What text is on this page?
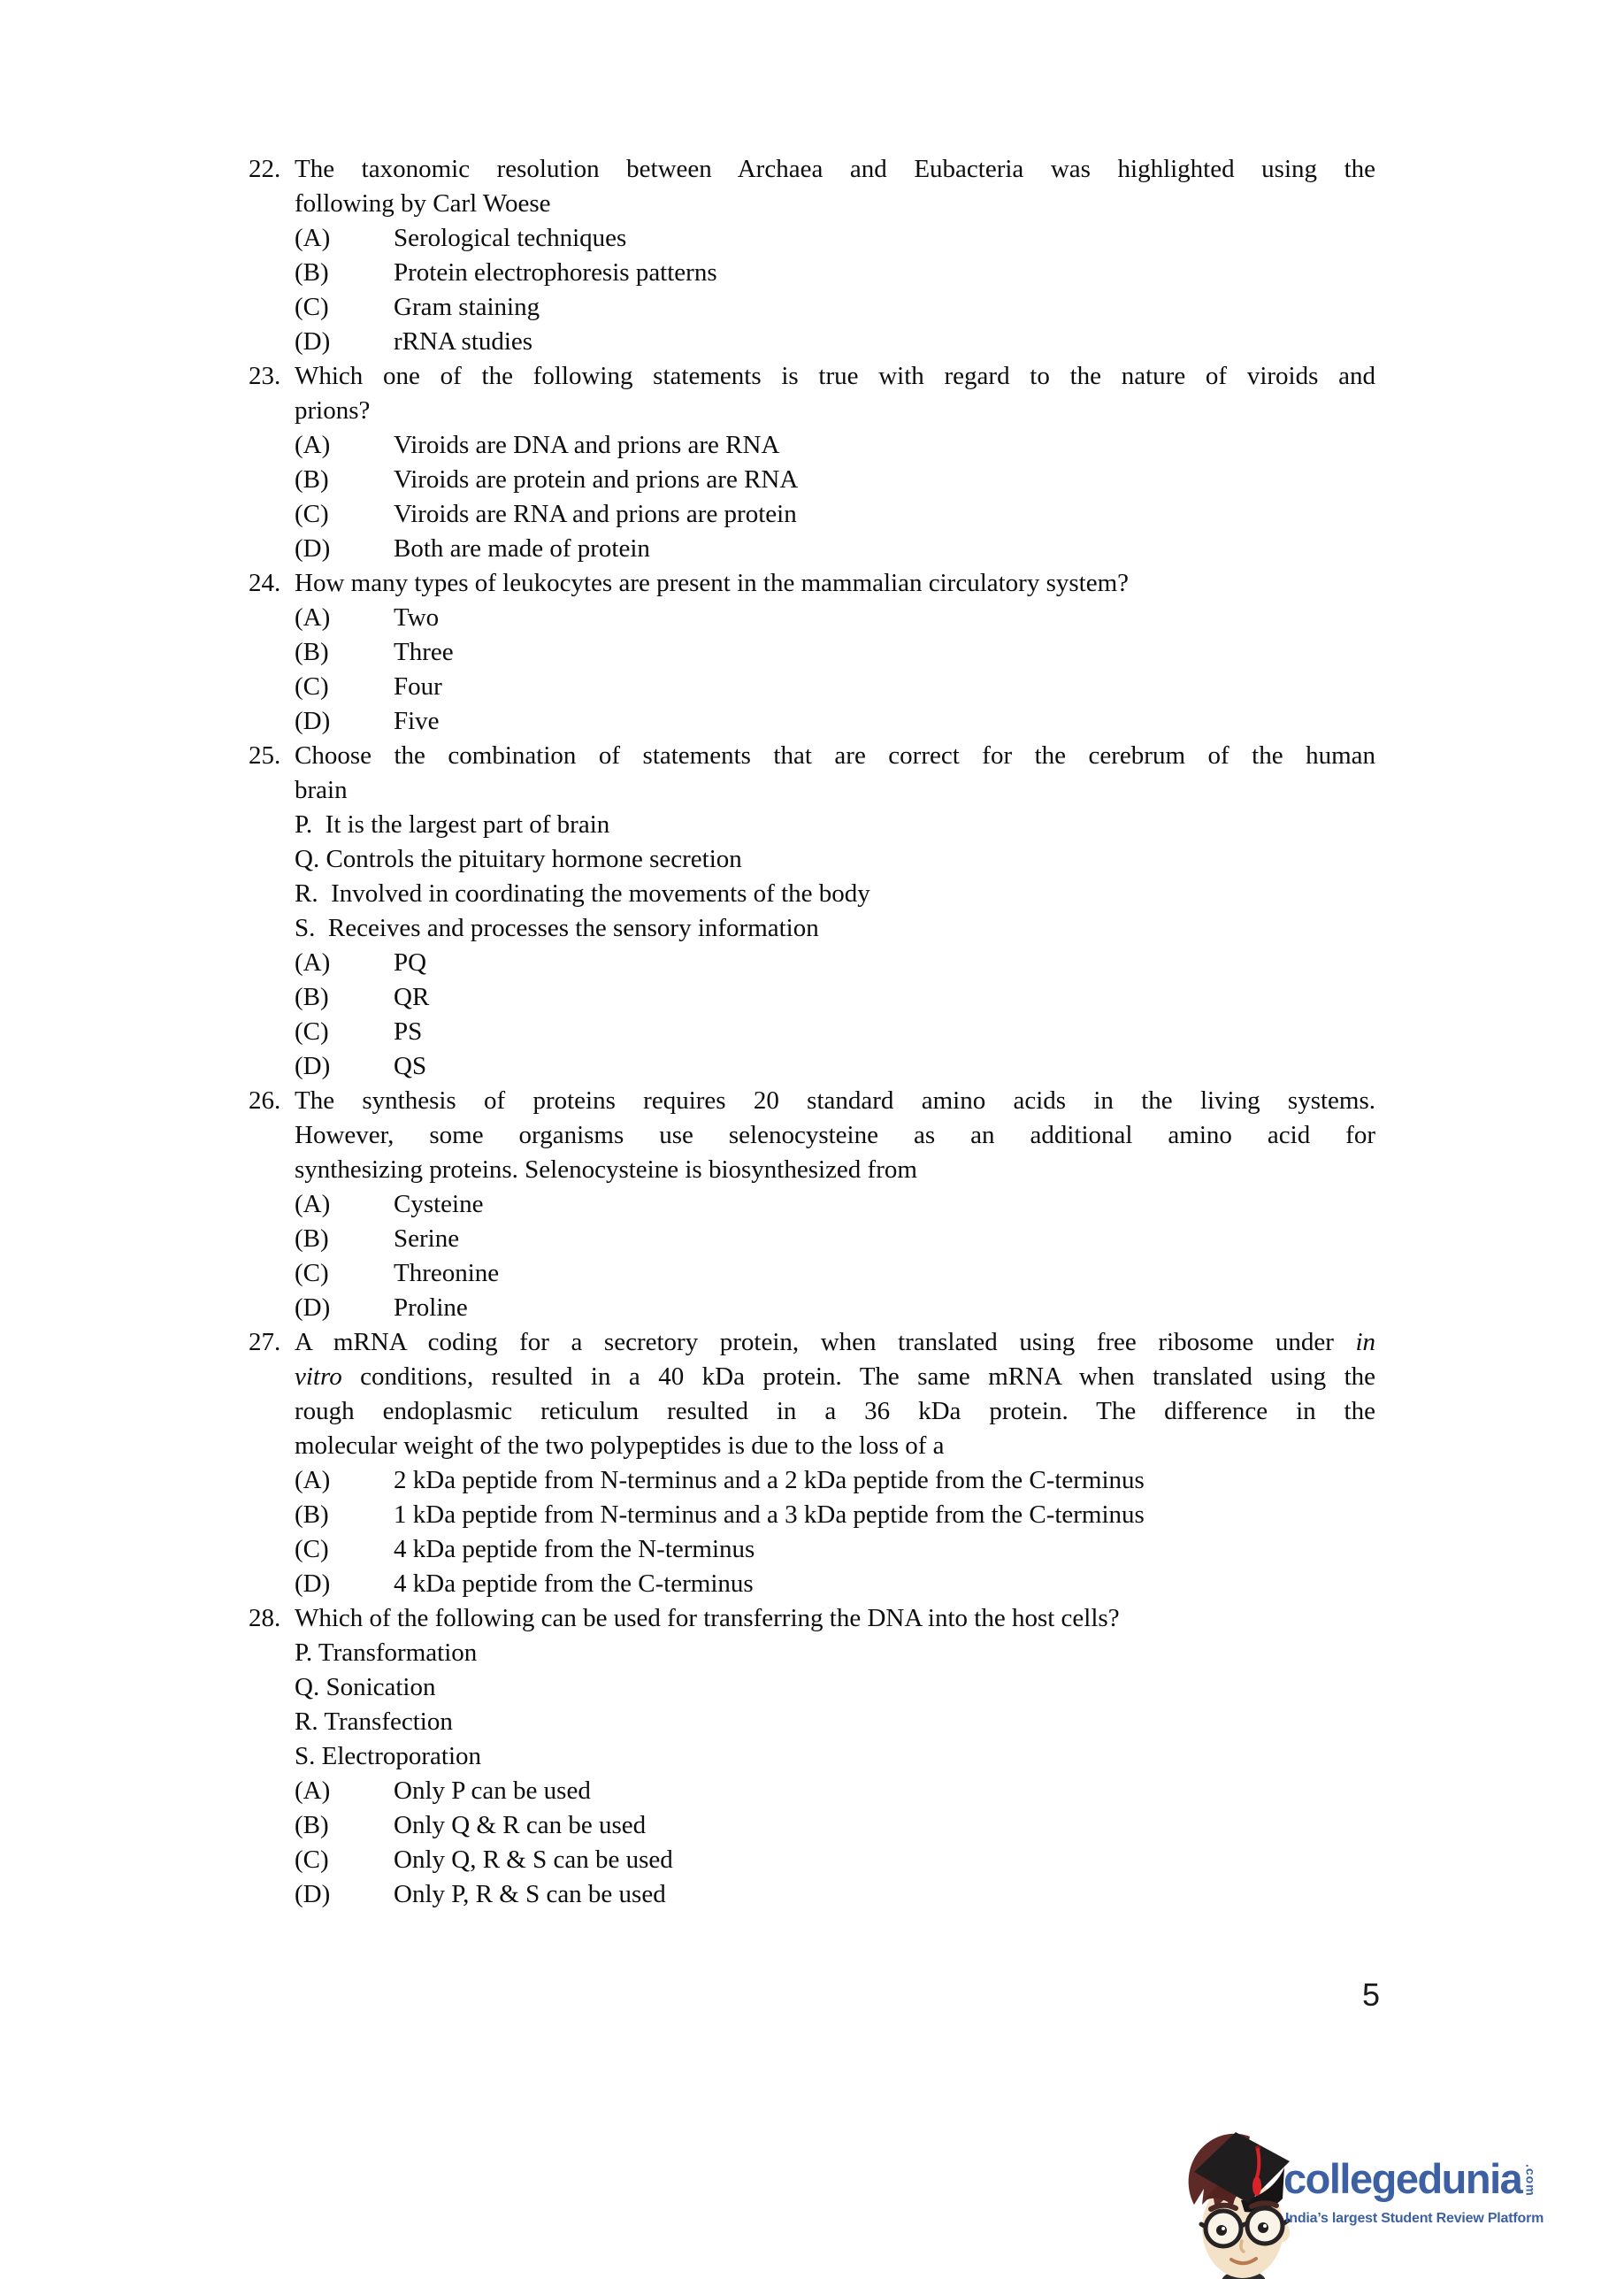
22. The taxonomic resolution between Archaea and Eubacteria was highlighted using the
following by Carl Woese
(A)	Serological techniques
(B)	Protein electrophoresis patterns
(C)	Gram staining
(D)	rRNA studies
23. Which one of the following statements is true with regard to the nature of viroids and
prions?
(A)	Viroids are DNA and prions are RNA
(B)	Viroids are protein and prions are RNA
(C)	Viroids are RNA and prions are protein
(D)	Both are made of protein
24. How many types of leukocytes are present in the mammalian circulatory system?
(A)	Two
(B)	Three
(C)	Four
(D)	Five
25. Choose the combination of statements that are correct for the cerebrum of the human
brain
P.  It is the largest part of brain
Q. Controls the pituitary hormone secretion
R.  Involved in coordinating the movements of the body
S.  Receives and processes the sensory information
(A)	PQ
(B)	QR
(C)	PS
(D)	QS
26. The synthesis of proteins requires 20 standard amino acids in the living systems.
However, some organisms use selenocysteine as an additional amino acid for
synthesizing proteins. Selenocysteine is biosynthesized from
(A)	Cysteine
(B)	Serine
(C)	Threonine
(D)	Proline
27. A mRNA coding for a secretory protein, when translated using free ribosome under in
vitro conditions, resulted in a 40 kDa protein. The same mRNA when translated using the
rough endoplasmic reticulum resulted in a 36 kDa protein. The difference in the
molecular weight of the two polypeptides is due to the loss of a
(A)	2 kDa peptide from N-terminus and a 2 kDa peptide from the C-terminus
(B)	1 kDa peptide from N-terminus and a 3 kDa peptide from the C-terminus
(C)	4 kDa peptide from the N-terminus
(D)	4 kDa peptide from the C-terminus
28. Which of the following can be used for transferring the DNA into the host cells?
P. Transformation
Q. Sonication
R. Transfection
S. Electroporation
(A)	Only P can be used
(B)	Only Q & R can be used
(C)	Only Q, R & S can be used
(D)	Only P, R & S can be used
5
collegedunia .com
India’s largest Student Review Platform
